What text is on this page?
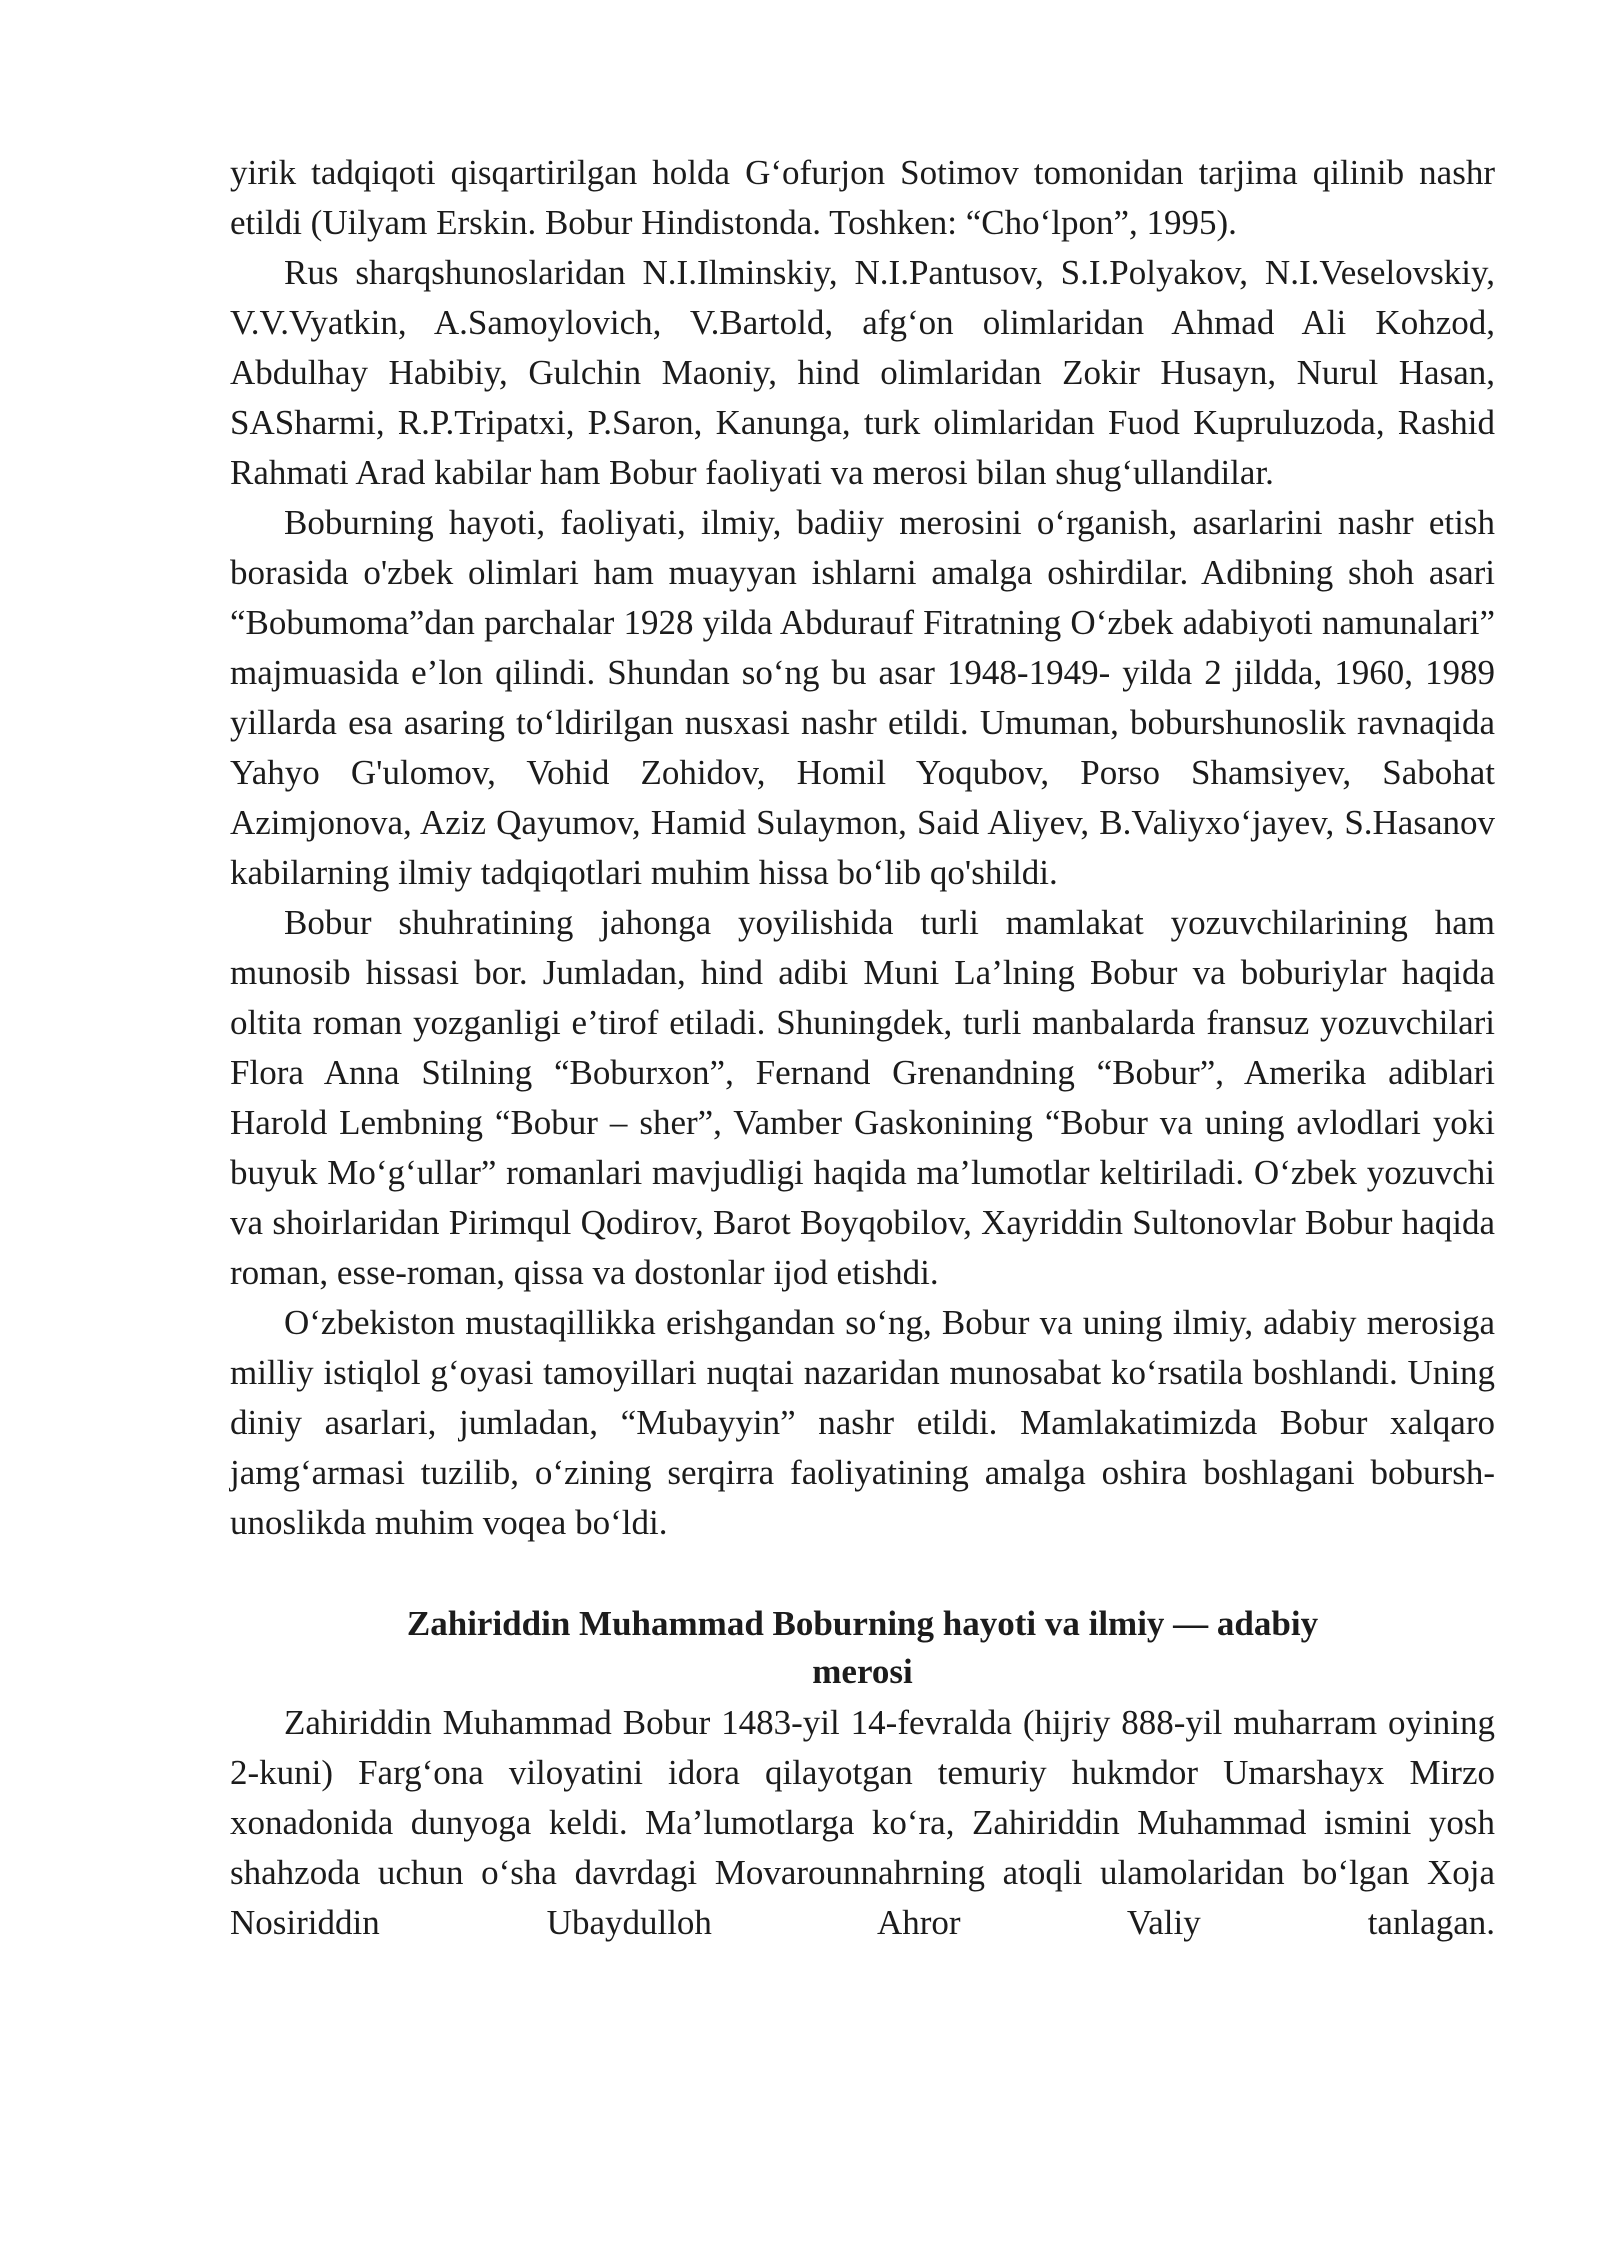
yirik tadqiqoti qisqartirilgan holda G‘ofurjon Sotimov tomonidan tarjima qilinib nashr etildi (Uilyam Erskin. Bobur Hindistonda. Toshken: “Cho‘lpon”, 1995).

Rus sharqshunoslaridan N.I.Ilminskiy, N.I.Pantusov, S.I.Polyakov, N.I.Veselovskiy, V.V.Vyatkin, A.Samoylovich, V.Bartold, afg‘on olimlaridan Ahmad Ali Kohzod, Abdulhay Habibiy, Gulchin Maoniy, hind olimlaridan Zokir Husayn, Nurul Hasan, SASharmi, R.P.Tripatxi, P.Saron, Kanunga, turk olimlaridan Fuod Kupruluzoda, Rashid Rahmati Arad kabilar ham Bobur faoliyati va merosi bilan shug‘ullandilar.

Boburning hayoti, faoliyati, ilmiy, badiiy merosini o‘rganish, asarlarini nashr etish borasida o'zbek olimlari ham muayyan ishlarni amalga oshirdilar. Adibning shoh asari “Bobumoma”dan parchalar 1928 yilda Abdurauf Fitratning O‘zbek adabiyoti namunalari” majmuasida e’lon qilindi. Shundan so‘ng bu asar 1948-1949- yilda 2 jildda, 1960, 1989 yillarda esa asaring to‘ldirilgan nusxasi nashr etildi. Umuman, boburshunoslik ravnaqida Yahyo G'ulomov, Vohid Zohidov, Homil Yoqubov, Porso Shamsiyev, Sabohat Azimjonova, Aziz Qayumov, Hamid Sulaymon, Said Aliyev, B.Valiyxo‘jayev, S.Hasanov kabilarning ilmiy tadqiqotlari muhim hissa bo‘lib qo'shildi.

Bobur shuhratining jahonga yoyilishida turli mamlakat yozuvchilarining ham munosib hissasi bor. Jumladan, hind adibi Muni La’lning Bobur va boburiylar haqida oltita roman yozganligi e’tirof etiladi. Shuningdek, turli manbalarda fransuz yozuvchilari Flora Anna Stilning “Boburxon”, Fernand Grenandning “Bobur”, Amerika adiblari Harold Lembning “Bobur – sher”, Vamber Gaskonining “Bobur va uning avlodlari yoki buyuk Mo‘g‘ullar” romanlari mavjudligi haqida ma’lumotlar keltiriladi. O‘zbek yozuvchi va shoirlaridan Pirimqul Qodirov, Barot Boyqobilov, Xayriddin Sultonovlar Bobur haqida roman, esse-roman, qissa va dostonlar ijod etishdi.

O‘zbekiston mustaqillikka erishgandan so‘ng, Bobur va uning ilmiy, adabiy merosiga milliy istiqlol g‘oyasi tamoyillari nuqtai nazaridan munosabat ko‘rsatila boshlandi. Uning diniy asarlari, jumladan, “Mubayyin” nashr etildi. Mamlakatimizda Bobur xalqaro jamg‘armasi tuzilib, o‘zining serqirra faoliyatining amalga oshira boshlagani boburshunoslikda muhim voqea bo‘ldi.

Zahiriddin Muhammad Boburning hayoti va ilmiy — adabiy
merosi

Zahiriddin Muhammad Bobur 1483-yil 14-fevralda (hijriy 888-yil muharram oyining 2-kuni) Farg‘ona viloyatini idora qilayotgan temuriy hukmdor Umarshayx Mirzo xonadonida dunyoga keldi. Ma’lumotlarga ko‘ra, Zahiriddin Muhammad ismini yosh shahzoda uchun o‘sha davrdagi Movarounnahrning atoqli ulamolaridan bo‘lgan Xoja Nosiriddin Ubaydulloh Ahror Valiy tanlagan.
